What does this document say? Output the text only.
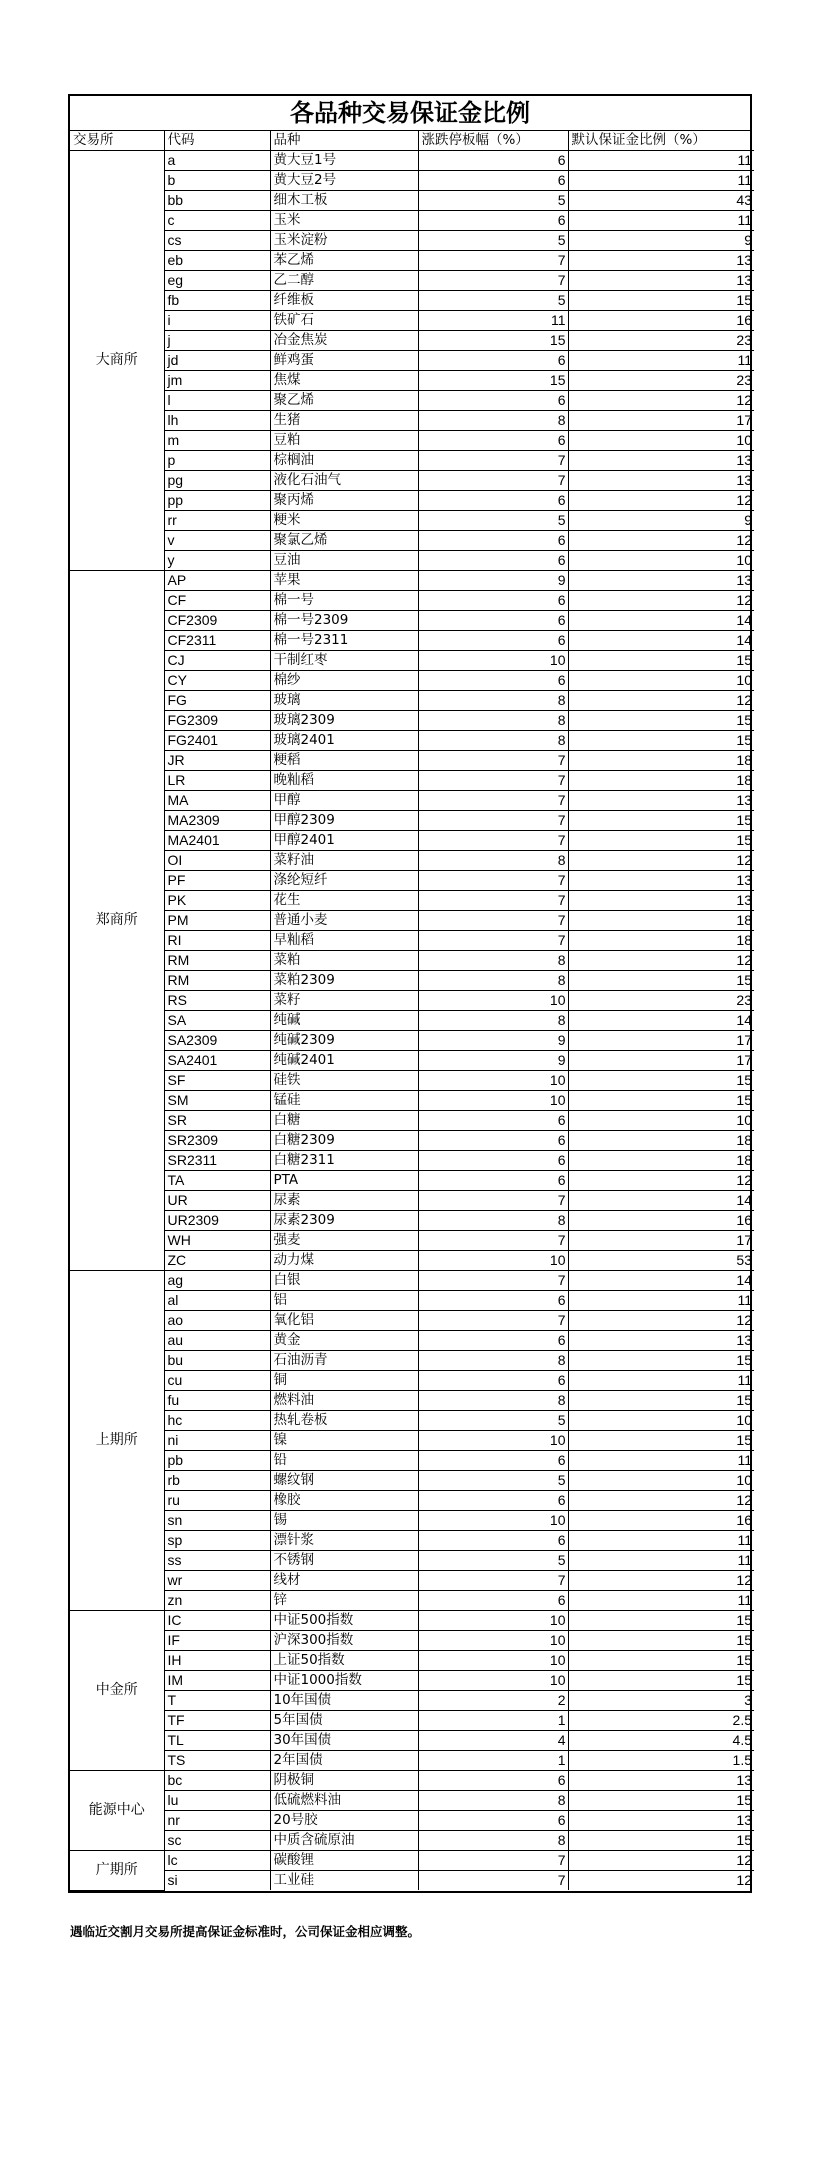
各品种交易保证金比例
交易所	代码	品种	涨跌停板幅（%）	默认保证金比例（%）
大商所	a	黄大豆1号	6	11
	b	黄大豆2号	6	11
	bb	细木工板	5	43
	c	玉米	6	11
	cs	玉米淀粉	5	9
	eb	苯乙烯	7	13
	eg	乙二醇	7	13
	fb	纤维板	5	15
	i	铁矿石	11	16
	j	冶金焦炭	15	23
	jd	鲜鸡蛋	6	11
	jm	焦煤	15	23
	l	聚乙烯	6	12
	lh	生猪	8	17
	m	豆粕	6	10
	p	棕榈油	7	13
	pg	液化石油气	7	13
	pp	聚丙烯	6	12
	rr	粳米	5	9
	v	聚氯乙烯	6	12
	y	豆油	6	10
郑商所	AP	苹果	9	13
	CF	棉一号	6	12
	CF2309	棉一号2309	6	14
	CF2311	棉一号2311	6	14
	CJ	干制红枣	10	15
	CY	棉纱	6	10
	FG	玻璃	8	12
	FG2309	玻璃2309	8	15
	FG2401	玻璃2401	8	15
	JR	粳稻	7	18
	LR	晚籼稻	7	18
	MA	甲醇	7	13
	MA2309	甲醇2309	7	15
	MA2401	甲醇2401	7	15
	OI	菜籽油	8	12
	PF	涤纶短纤	7	13
	PK	花生	7	13
	PM	普通小麦	7	18
	RI	早籼稻	7	18
	RM	菜粕	8	12
	RM	菜粕2309	8	15
	RS	菜籽	10	23
	SA	纯碱	8	14
	SA2309	纯碱2309	9	17
	SA2401	纯碱2401	9	17
	SF	硅铁	10	15
	SM	锰硅	10	15
	SR	白糖	6	10
	SR2309	白糖2309	6	18
	SR2311	白糖2311	6	18
	TA	PTA	6	12
	UR	尿素	7	14
	UR2309	尿素2309	8	16
	WH	强麦	7	17
	ZC	动力煤	10	53
上期所	ag	白银	7	14
	al	铝	6	11
	ao	氧化铝	7	12
	au	黄金	6	13
	bu	石油沥青	8	15
	cu	铜	6	11
	fu	燃料油	8	15
	hc	热轧卷板	5	10
	ni	镍	10	15
	pb	铅	6	11
	rb	螺纹钢	5	10
	ru	橡胶	6	12
	sn	锡	10	16
	sp	漂针浆	6	11
	ss	不锈钢	5	11
	wr	线材	7	12
	zn	锌	6	11
中金所	IC	中证500指数	10	15
	IF	沪深300指数	10	15
	IH	上证50指数	10	15
	IM	中证1000指数	10	15
	T	10年国债	2	3
	TF	5年国债	1	2.5
	TL	30年国债	4	4.5
	TS	2年国债	1	1.5
能源中心	bc	阴极铜	6	13
	lu	低硫燃料油	8	15
	nr	20号胶	6	13
	sc	中质含硫原油	8	15
广期所	lc	碳酸锂	7	12
	si	工业硅	7	12
遇临近交割月交易所提高保证金标准时，公司保证金相应调整。
